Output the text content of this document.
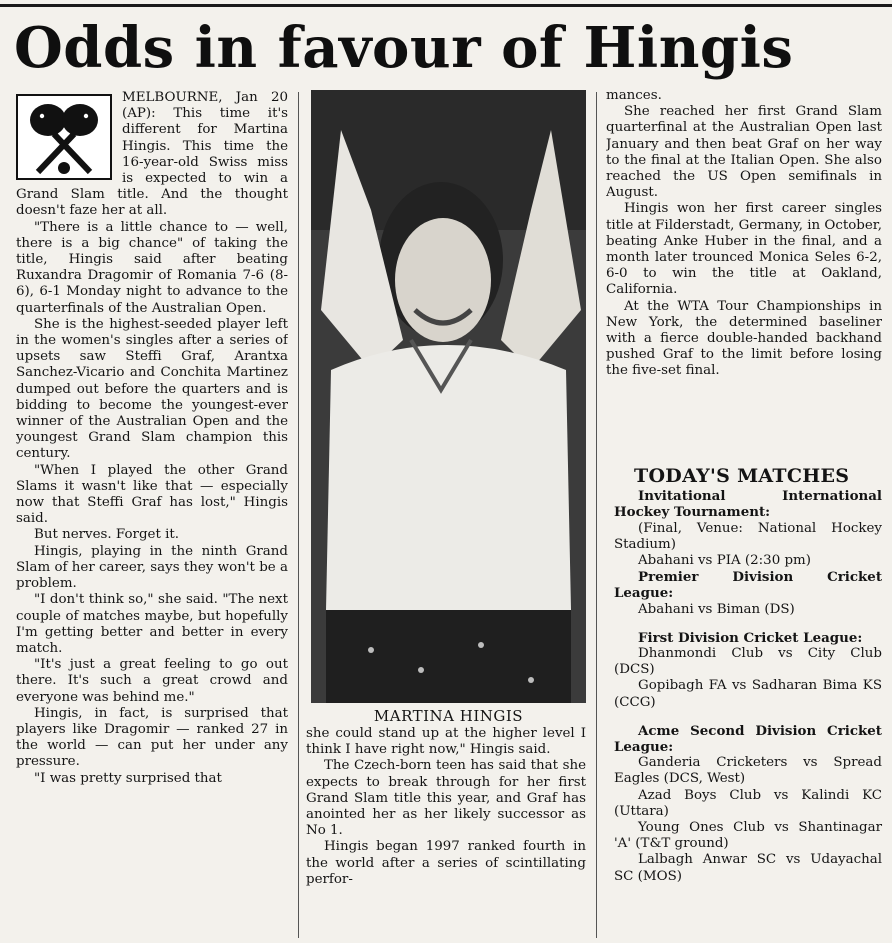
Odds in favour of Hingis

MELBOURNE, Jan 20 (AP): This time it's different for Martina Hingis. This time the 16-year-old Swiss miss is expected to win a Grand Slam title. And the thought doesn't faze her at all.

"There is a little chance to — well, there is a big chance" of taking the title, Hingis said after beating Ruxandra Dragomir of Romania 7-6 (8-6), 6-1 Monday night to advance to the quarterfinals of the Australian Open.

She is the highest-seeded player left in the women's singles after a series of upsets saw Steffi Graf, Arantxa Sanchez-Vicario and Conchita Martinez dumped out before the quarters and is bidding to become the youngest-ever winner of the Australian Open and the youngest Grand Slam champion this century.

"When I played the other Grand Slams it wasn't like that — especially now that Steffi Graf has lost," Hingis said.

But nerves. Forget it.

Hingis, playing in the ninth Grand Slam of her career, says they won't be a problem.

"I don't think so," she said. "The next couple of matches maybe, but hopefully I'm getting better and better in every match.

"It's just a great feeling to go out there. It's such a great crowd and everyone was behind me."

Hingis, in fact, is surprised that players like Dragomir — ranked 27 in the world — can put her under any pressure.

"I was pretty surprised that

MARTINA HINGIS

she could stand up at the higher level I think I have right now," Hingis said.

The Czech-born teen has said that she expects to break through for her first Grand Slam title this year, and Graf has anointed her as her likely successor as No 1.

Hingis began 1997 ranked fourth in the world after a series of scintillating perfor-

mances.

She reached her first Grand Slam quarterfinal at the Australian Open last January and then beat Graf on her way to the final at the Italian Open. She also reached the US Open semifinals in August.

Hingis won her first career singles title at Filderstadt, Germany, in October, beating Anke Huber in the final, and a month later trounced Monica Seles 6-2, 6-0 to win the title at Oakland, California.

At the WTA Tour Championships in New York, the determined baseliner with a fierce double-handed backhand pushed Graf to the limit before losing the five-set final.

TODAY'S MATCHES
Invitational International Hockey Tournament:
(Final, Venue: National Hockey Stadium)
Abahani vs PIA (2:30 pm)
Premier Division Cricket League:
Abahani vs Biman (DS)
First Division Cricket League:
Dhanmondi Club vs City Club (DCS)
Gopibagh FA vs Sadharan Bima KS (CCG)
Acme Second Division Cricket League:
Ganderia Cricketers vs Spread Eagles (DCS, West)
Azad Boys Club vs Kalindi KC (Uttara)
Young Ones Club vs Shantinagar 'A' (T&T ground)
Lalbagh Anwar SC vs Udayachal SC (MOS)
